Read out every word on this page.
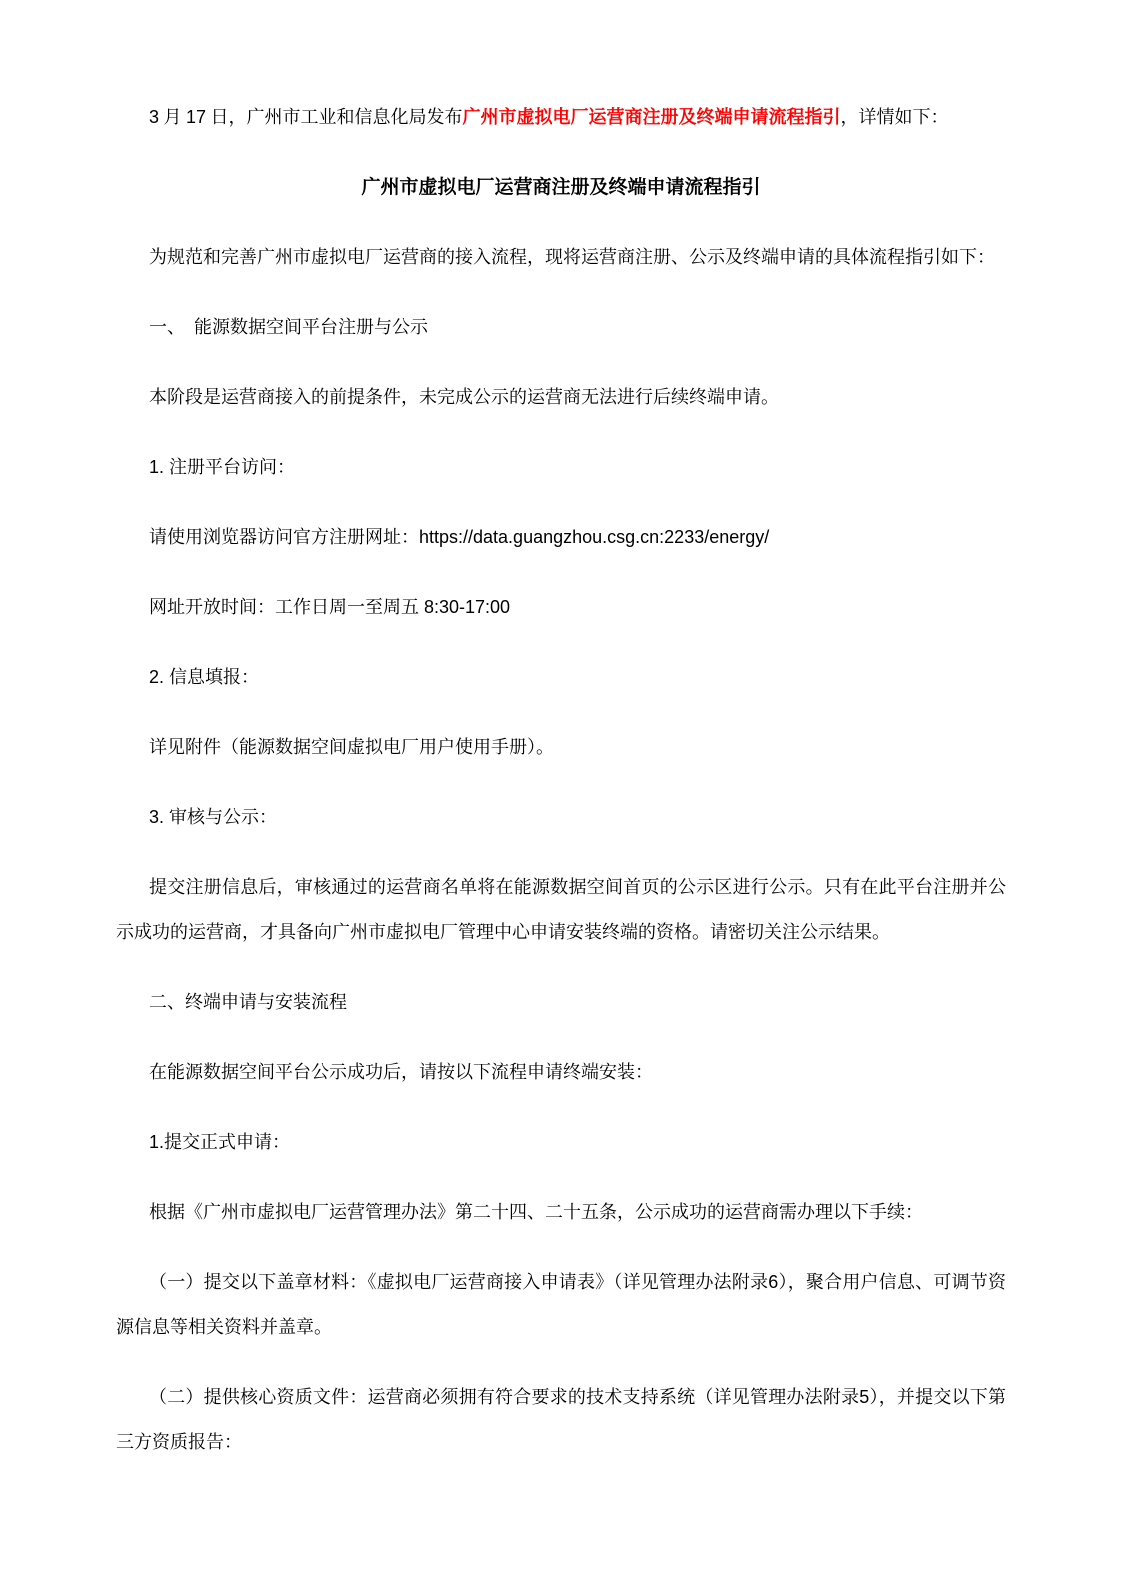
3 月 17 日，广州市工业和信息化局发布广州市虚拟电厂运营商注册及终端申请流程指引，详情如下：

广州市虚拟电厂运营商注册及终端申请流程指引

为规范和完善广州市虚拟电厂运营商的接入流程，现将运营商注册、公示及终端申请的具体流程指引如下：

一、 能源数据空间平台注册与公示

本阶段是运营商接入的前提条件，未完成公示的运营商无法进行后续终端申请。

1. 注册平台访问：

请使用浏览器访问官方注册网址：https://data.guangzhou.csg.cn:2233/energy/

网址开放时间：工作日周一至周五 8:30-17:00

2. 信息填报：

详见附件（能源数据空间虚拟电厂用户使用手册）。

3. 审核与公示：

提交注册信息后，审核通过的运营商名单将在能源数据空间首页的公示区进行公示。只有在此平台注册并公示成功的运营商，才具备向广州市虚拟电厂管理中心申请安装终端的资格。请密切关注公示结果。

二、终端申请与安装流程

在能源数据空间平台公示成功后，请按以下流程申请终端安装：

1.提交正式申请：

根据《广州市虚拟电厂运营管理办法》第二十四、二十五条，公示成功的运营商需办理以下手续：

（一）提交以下盖章材料：《虚拟电厂运营商接入申请表》（详见管理办法附录6），聚合用户信息、可调节资源信息等相关资料并盖章。

（二）提供核心资质文件：运营商必须拥有符合要求的技术支持系统（详见管理办法附录5），并提交以下第三方资质报告：
